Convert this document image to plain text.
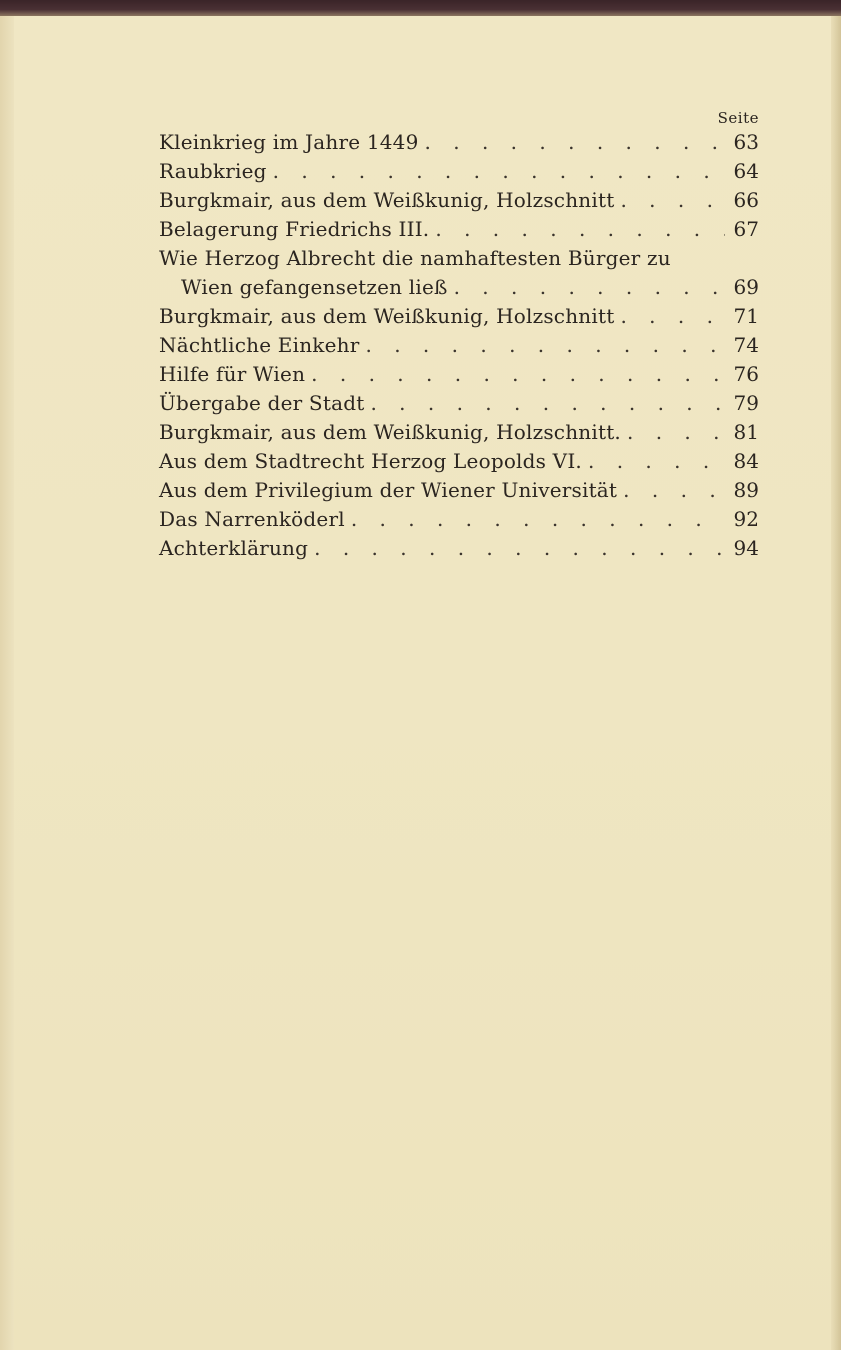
Seite
Kleinkrieg im Jahre 1449 . . .	63
Raubkrieg . . .	64
Burgkmair, aus dem Weißkunig, Holzschnitt . . .	66
Belagerung Friedrichs III. . . .	67
Wie Herzog Albrecht die namhaftesten Bürger zu
Wien gefangensetzen ließ . . .	69
Burgkmair, aus dem Weißkunig, Holzschnitt . . .	71
Nächtliche Einkehr . . .	74
Hilfe für Wien . . .	76
Übergabe der Stadt . . .	79
Burgkmair, aus dem Weißkunig, Holzschnitt. . . .	81
Aus dem Stadtrecht Herzog Leopolds VI. . . .	84
Aus dem Privilegium der Wiener Universität . . .	89
Das Narrenköderl . . .	92
Achterklärung . . .	94
